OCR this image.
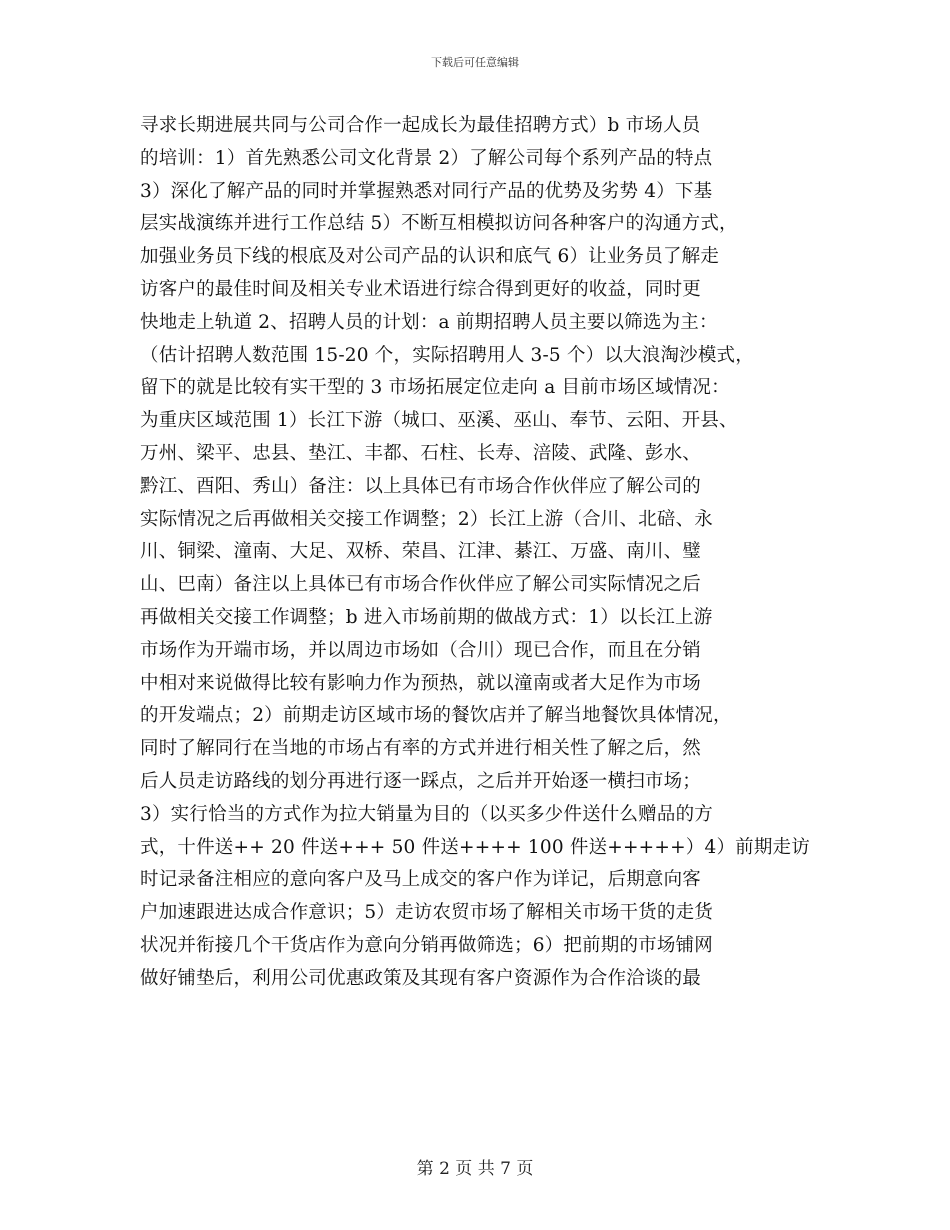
下载后可任意编辑
寻求长期进展共同与公司合作一起成长为最佳招聘方式）b 市场人员
的培训：1）首先熟悉公司文化背景 2）了解公司每个系列产品的特点
3）深化了解产品的同时并掌握熟悉对同行产品的优势及劣势 4）下基
层实战演练并进行工作总结 5）不断互相模拟访问各种客户的沟通方式，
加强业务员下线的根底及对公司产品的认识和底气 6）让业务员了解走
访客户的最佳时间及相关专业术语进行综合得到更好的收益，同时更
快地走上轨道 2、招聘人员的计划：a 前期招聘人员主要以筛选为主：
（估计招聘人数范围 15-20 个，实际招聘用人 3-5 个）以大浪淘沙模式，
留下的就是比较有实干型的 3 市场拓展定位走向 a 目前市场区域情况：
为重庆区域范围 1）长江下游（城口、巫溪、巫山、奉节、云阳、开县、
万州、梁平、忠县、垫江、丰都、石柱、长寿、涪陵、武隆、彭水、
黔江、酉阳、秀山）备注：以上具体已有市场合作伙伴应了解公司的
实际情况之后再做相关交接工作调整；2）长江上游（合川、北碚、永
川、铜梁、潼南、大足、双桥、荣昌、江津、綦江、万盛、南川、璧
山、巴南）备注以上具体已有市场合作伙伴应了解公司实际情况之后
再做相关交接工作调整；b 进入市场前期的做战方式：1）以长江上游
市场作为开端市场，并以周边市场如（合川）现已合作，而且在分销
中相对来说做得比较有影响力作为预热，就以潼南或者大足作为市场
的开发端点；2）前期走访区域市场的餐饮店并了解当地餐饮具体情况，
同时了解同行在当地的市场占有率的方式并进行相关性了解之后，然
后人员走访路线的划分再进行逐一踩点，之后并开始逐一横扫市场；
3）实行恰当的方式作为拉大销量为目的（以买多少件送什么赠品的方
式，十件送++ 20 件送+++ 50 件送++++ 100 件送+++++）4）前期走访
时记录备注相应的意向客户及马上成交的客户作为详记，后期意向客
户加速跟进达成合作意识；5）走访农贸市场了解相关市场干货的走货
状况并衔接几个干货店作为意向分销再做筛选；6）把前期的市场铺网
做好铺垫后，利用公司优惠政策及其现有客户资源作为合作洽谈的最
第 2 页 共 7 页
